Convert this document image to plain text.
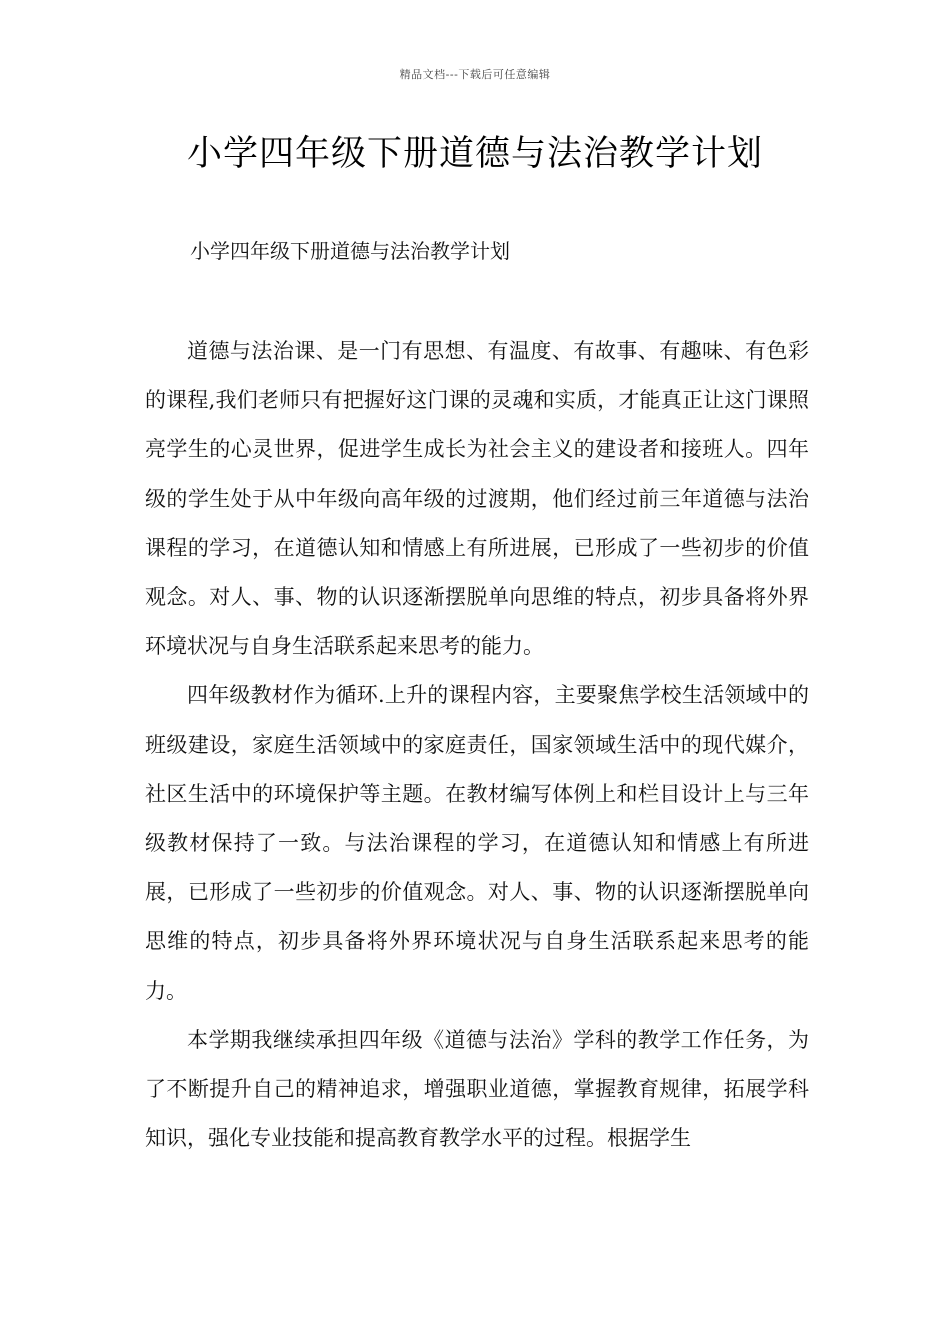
精品文档---下载后可任意编辑
小学四年级下册道德与法治教学计划
小学四年级下册道德与法治教学计划

道德与法治课、是一门有思想、有温度、有故事、有趣味、有色彩的课程,我们老师只有把握好这门课的灵魂和实质，才能真正让这门课照亮学生的心灵世界，促进学生成长为社会主义的建设者和接班人。四年级的学生处于从中年级向高年级的过渡期，他们经过前三年道德与法治课程的学习，在道德认知和情感上有所进展，已形成了一些初步的价值观念。对人、事、物的认识逐渐摆脱单向思维的特点，初步具备将外界环境状况与自身生活联系起来思考的能力。

四年级教材作为循环.上升的课程内容，主要聚焦学校生活领域中的班级建设，家庭生活领域中的家庭责任，国家领域生活中的现代媒介，社区生活中的环境保护等主题。在教材编写体例上和栏目设计上与三年级教材保持了一致。与法治课程的学习，在道德认知和情感上有所进展，已形成了一些初步的价值观念。对人、事、物的认识逐渐摆脱单向思维的特点，初步具备将外界环境状况与自身生活联系起来思考的能力。

本学期我继续承担四年级《道德与法治》学科的教学工作任务，为了不断提升自己的精神追求，增强职业道德，掌握教育规律，拓展学科知识，强化专业技能和提高教育教学水平的过程。根据学生
